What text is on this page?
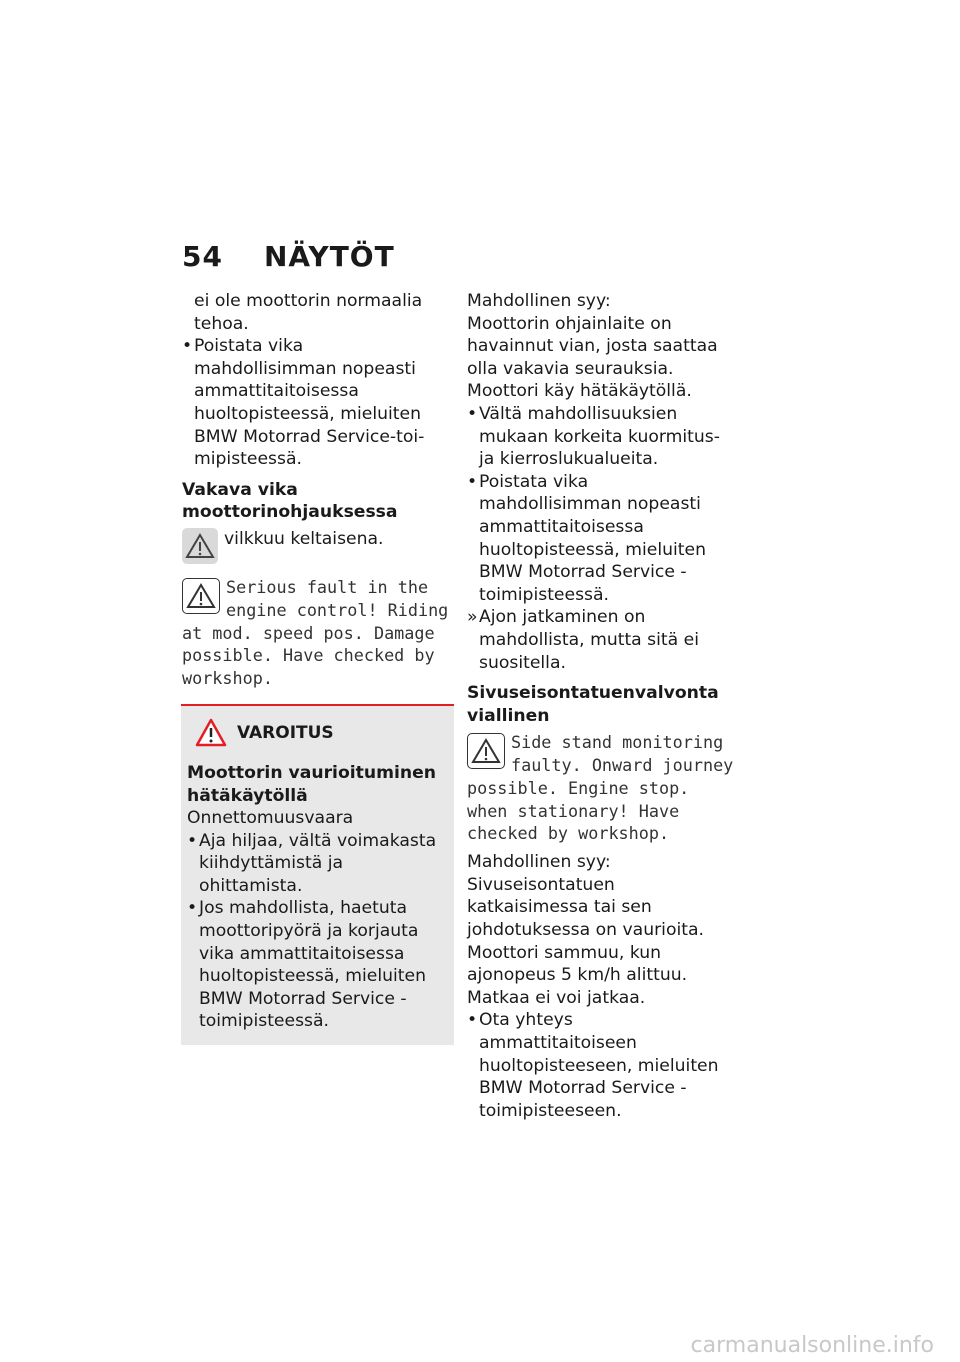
54 NÄYTÖT

ei ole moottorin normaalia tehoa.

• Poistata vika mahdollisimman nopeasti ammattitaitoisessa huoltopisteessä, mieluiten BMW Motorrad Service-toi-mipisteessä.

Vakava vika moottorinohjauksessa

vilkkuu keltaisena.
Serious fault in the engine control! Riding at mod. speed pos. Damage possible. Have checked by workshop.
VAROITUS

Moottorin vaurioituminen hätäkäytöllä

Onnettomuusvaara

• Aja hiljaa, vältä voimakasta kiihdyttämistä ja ohittamista.

• Jos mahdollista, haetuta moottoripyörä ja korjauta vika ammattitaitoisessa huoltopisteessä, mieluiten BMW Motorrad Service -toimipisteessä.

Mahdollinen syy:

Moottorin ohjainlaite on havainnut vian, josta saattaa olla vakavia seurauksia. Moottori käy hätäkäytöllä.

• Vältä mahdollisuuksien mukaan korkeita kuormitus- ja kierroslukualueita.

• Poistata vika mahdollisimman nopeasti ammattitaitoisessa huoltopisteessä, mieluiten BMW Motorrad Service -toimipisteessä.

» Ajon jatkaminen on mahdollista, mutta sitä ei suositella.

Sivuseisontatuenvalvonta viallinen

Side stand monitoring faulty. Onward journey possible. Engine stop. when stationary! Have checked by workshop.

Mahdollinen syy:

Sivuseisontatuen katkaisimessa tai sen johdotuksessa on vaurioita. Moottori sammuu, kun ajonopeus 5 km/h alittuu. Matkaa ei voi jatkaa.

• Ota yhteys ammattitaitoiseen huoltopisteeseen, mieluiten BMW Motorrad Service -toimipisteeseen.

carmanualsonline.info
